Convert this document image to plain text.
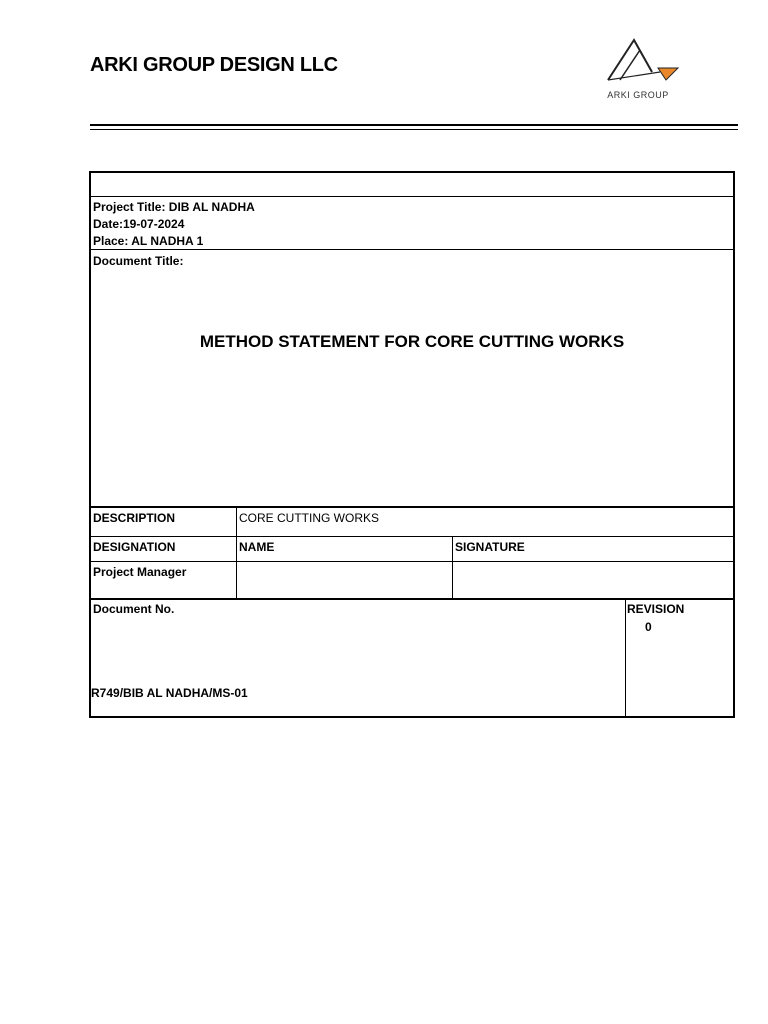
ARKI GROUP DESIGN LLC
ARKI GROUP
Project Title: DIB AL NADHA
Date:19-07-2024
Place: AL NADHA 1
Document Title:
METHOD STATEMENT FOR CORE CUTTING WORKS
DESCRIPTION	CORE CUTTING WORKS
DESIGNATION	NAME	SIGNATURE
Project Manager
Document No.
R749/BIB AL NADHA/MS-01
REVISION
0
